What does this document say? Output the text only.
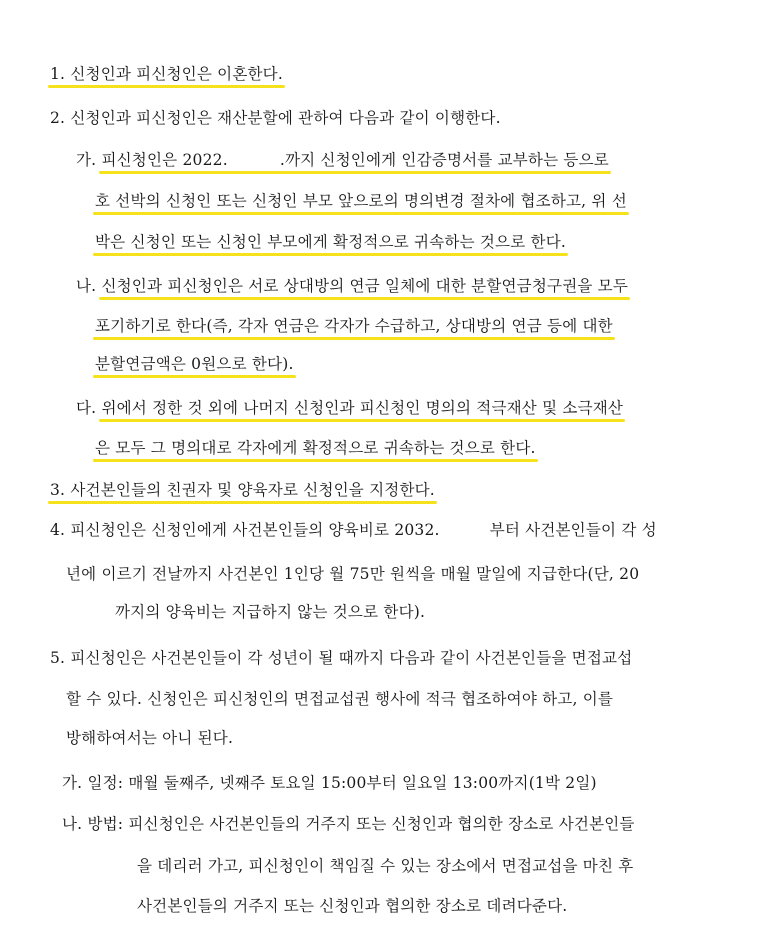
1. 신청인과 피신청인은 이혼한다.
2. 신청인과 피신청인은 재산분할에 관하여 다음과 같이 이행한다.
가. 피신청인은 2022.	.까지 신청인에게 인감증명서를 교부하는 등으로
호 선박의 신청인 또는 신청인 부모 앞으로의 명의변경 절차에 협조하고, 위 선
박은 신청인 또는 신청인 부모에게 확정적으로 귀속하는 것으로 한다.
나. 신청인과 피신청인은 서로 상대방의 연금 일체에 대한 분할연금청구권을 모두
포기하기로 한다(즉, 각자 연금은 각자가 수급하고, 상대방의 연금 등에 대한
분할연금액은 0원으로 한다).
다. 위에서 정한 것 외에 나머지 신청인과 피신청인 명의의 적극재산 및 소극재산
은 모두 그 명의대로 각자에게 확정적으로 귀속하는 것으로 한다.
3. 사건본인들의 친권자 및 양육자로 신청인을 지정한다.
4. 피신청인은 신청인에게 사건본인들의 양육비로 2032.	부터 사건본인들이 각 성
년에 이르기 전날까지 사건본인 1인당 월 75만 원씩을 매월 말일에 지급한다(단, 20
까지의 양육비는 지급하지 않는 것으로 한다).
5. 피신청인은 사건본인들이 각 성년이 될 때까지 다음과 같이 사건본인들을 면접교섭
할 수 있다. 신청인은 피신청인의 면접교섭권 행사에 적극 협조하여야 하고, 이를
방해하여서는 아니 된다.
가. 일정: 매월 둘째주, 넷째주 토요일 15:00부터 일요일 13:00까지(1박 2일)
나. 방법: 피신청인은 사건본인들의 거주지 또는 신청인과 협의한 장소로 사건본인들
을 데리러 가고, 피신청인이 책임질 수 있는 장소에서 면접교섭을 마친 후
사건본인들의 거주지 또는 신청인과 협의한 장소로 데려다준다.
